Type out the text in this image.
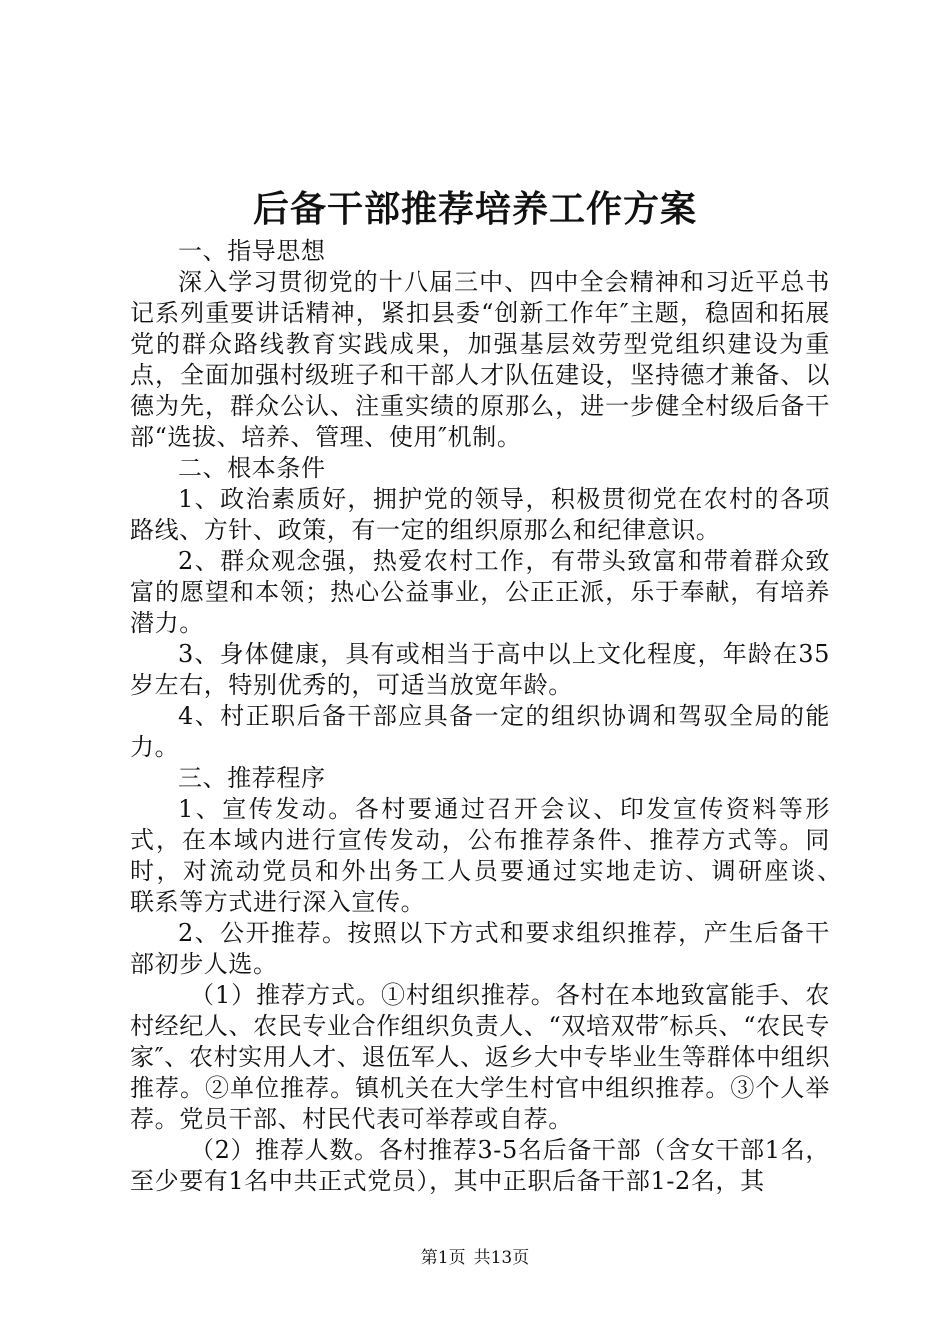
后备干部推荐培养工作方案

一、指导思想

深入学习贯彻党的十八届三中、四中全会精神和习近平总书记系列重要讲话精神，紧扣县委“创新工作年″主题，稳固和拓展党的群众路线教育实践成果，加强基层效劳型党组织建设为重点，全面加强村级班子和干部人才队伍建设，坚持德才兼备、以德为先，群众公认、注重实绩的原那么，进一步健全村级后备干部“选拔、培养、管理、使用″机制。

二、根本条件

1、政治素质好，拥护党的领导，积极贯彻党在农村的各项路线、方针、政策，有一定的组织原那么和纪律意识。

2、群众观念强，热爱农村工作，有带头致富和带着群众致富的愿望和本领；热心公益事业，公正正派，乐于奉献，有培养潜力。

3、身体健康，具有或相当于高中以上文化程度，年龄在35岁左右，特别优秀的，可适当放宽年龄。

4、村正职后备干部应具备一定的组织协调和驾驭全局的能力。

三、推荐程序

1、宣传发动。各村要通过召开会议、印发宣传资料等形式，在本域内进行宣传发动，公布推荐条件、推荐方式等。同时，对流动党员和外出务工人员要通过实地走访、调研座谈、　联系等方式进行深入宣传。

2、公开推荐。按照以下方式和要求组织推荐，产生后备干部初步人选。

（1）推荐方式。①村组织推荐。各村在本地致富能手、农村经纪人、农民专业合作组织负责人、“双培双带″标兵、“农民专家″、农村实用人才、退伍军人、返乡大中专毕业生等群体中组织推荐。②单位推荐。镇机关在大学生村官中组织推荐。③个人举荐。党员干部、村民代表可举荐或自荐。

（2）推荐人数。各村推荐3-5名后备干部（含女干部1名，至少要有1名中共正式党员），其中正职后备干部1-2名，其

第1页 共13页
